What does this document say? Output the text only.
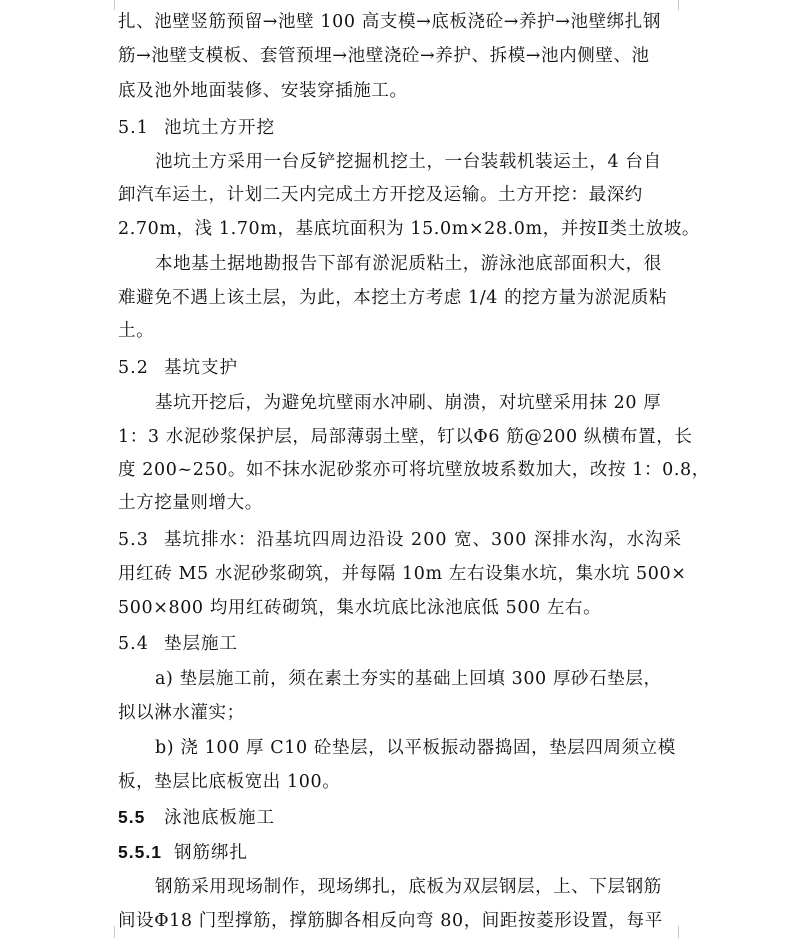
扎、池壁竖筋预留→池壁 100 高支模→底板浇砼→养护→池壁绑扎钢
筋→池壁支模板、套管预埋→池壁浇砼→养护、拆模→池内侧壁、池
底及池外地面装修、安装穿插施工。
5.1 池坑土方开挖
池坑土方采用一台反铲挖掘机挖土，一台装载机装运土，4 台自
卸汽车运土，计划二天内完成土方开挖及运输。土方开挖：最深约
2.70m，浅 1.70m，基底坑面积为 15.0m×28.0m，并按Ⅱ类土放坡。
本地基土据地勘报告下部有淤泥质粘土，游泳池底部面积大，很
难避免不遇上该土层，为此，本挖土方考虑 1/4 的挖方量为淤泥质粘
土。
5.2 基坑支护
基坑开挖后，为避免坑壁雨水冲刷、崩溃，对坑壁采用抹 20 厚
1：3 水泥砂浆保护层，局部薄弱土壁，钉以Φ6 筋@200 纵横布置，长
度 200~250。如不抹水泥砂浆亦可将坑壁放坡系数加大，改按 1：0.8，
土方挖量则增大。
5.3 基坑排水：沿基坑四周边沿设 200 宽、300 深排水沟，水沟采
用红砖 M5 水泥砂浆砌筑，并每隔 10m 左右设集水坑，集水坑 500×
500×800 均用红砖砌筑，集水坑底比泳池底低 500 左右。
5.4 垫层施工
a) 垫层施工前，须在素土夯实的基础上回填 300 厚砂石垫层，
拟以淋水灌实；
b) 浇 100 厚 C10 砼垫层，以平板振动器捣固，垫层四周须立模
板，垫层比底板宽出 100。
5.5 泳池底板施工
5.5.1 钢筋绑扎
钢筋采用现场制作，现场绑扎，底板为双层钢层，上、下层钢筋
间设Φ18 门型撑筋，撑筋脚各相反向弯 80，间距按菱形设置，每平
